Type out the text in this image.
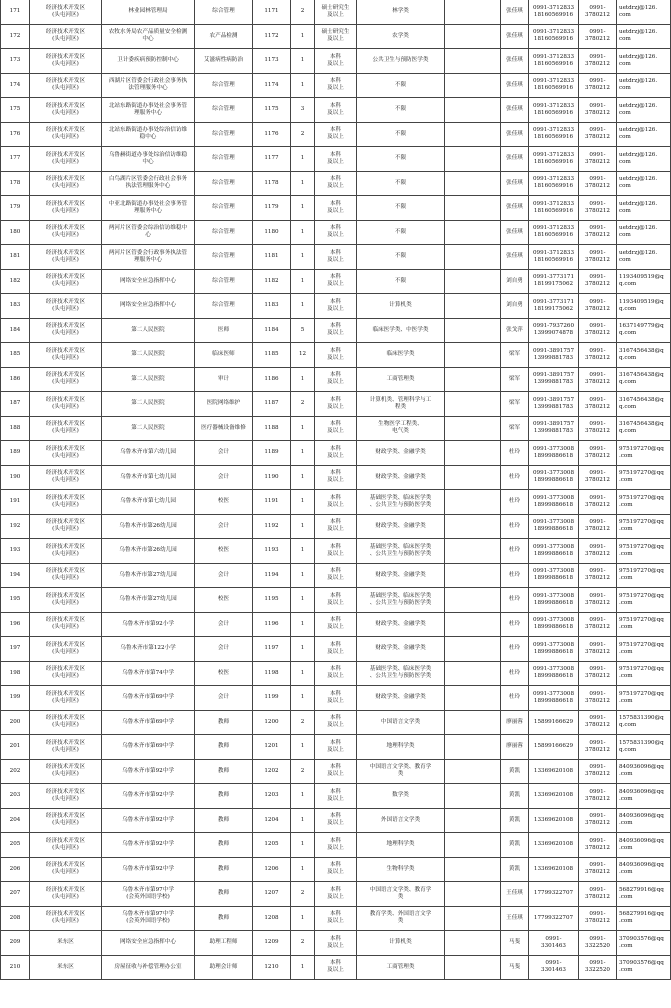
171	经济技术开发区
(头屯河区)	林业园林管理局	综合管理	1171	2	硕士研究生
及以上	林学类		张佳琪	0991-3712833
18160569916	0991-
3780212	uetdrzj@126.
com
172	经济技术开发区
(头屯河区)	农牧水务局农产品质量安全检测
中心	农产品检测	1172	1	硕士研究生
及以上	农学类		张佳琪	0991-3712833
18160569916	0991-
3780212	uetdrzj@126.
com
173	经济技术开发区
(头屯河区)	卫计委疾病预防控制中心	艾滋病性病防治	1173	1	本科
及以上	公共卫生与预防医学类		张佳琪	0991-3712833
18160569916	0991-
3780212	uetdrzj@126.
com
174	经济技术开发区
(头屯河区)	西湖片区管委会行政社会事务执
法管理服务中心	综合管理	1174	1	本科
及以上	不限		张佳琪	0991-3712833
18160569916	0991-
3780212	uetdrzj@126.
com
175	经济技术开发区
(头屯河区)	北站东路街道办事处社会事务管
理服务中心	综合管理	1175	3	本科
及以上	不限		张佳琪	0991-3712833
18160569916	0991-
3780212	uetdrzj@126.
com
176	经济技术开发区
(头屯河区)	北站东路街道办事处综治信访维
稳中心	综合管理	1176	2	本科
及以上	不限		张佳琪	0991-3712833
18160569916	0991-
3780212	uetdrzj@126.
com
177	经济技术开发区
(头屯河区)	乌鲁赫街道办事处综治信访维稳
中心	综合管理	1177	1	本科
及以上	不限		张佳琪	0991-3712833
18160569916	0991-
3780212	uetdrzj@126.
com
178	经济技术开发区
(头屯河区)	白鸟湖片区管委会行政社会事务
执法管理服务中心	综合管理	1178	1	本科
及以上	不限		张佳琪	0991-3712833
18160569916	0991-
3780212	uetdrzj@126.
com
179	经济技术开发区
(头屯河区)	中亚北路街道办事处社会事务管
理服务中心	综合管理	1179	1	本科
及以上	不限		张佳琪	0991-3712833
18160569916	0991-
3780212	uetdrzj@126.
com
180	经济技术开发区
(头屯河区)	两河片区管委会综治信访维稳中
心	综合管理	1180	1	本科
及以上	不限		张佳琪	0991-3712833
18160569916	0991-
3780212	uetdrzj@126.
com
181	经济技术开发区
(头屯河区)	两河片区管委会行政事务执法管
理服务中心	综合管理	1181	1	本科
及以上	不限		张佳琪	0991-3712833
18160569916	0991-
3780212	uetdrzj@126.
com
182	经济技术开发区
(头屯河区)	网络安全应急指挥中心	综合管理	1182	1	本科
及以上	不限		刘自勇	0991-3773171
18199175062	0991-
3780212	1193409519@q
q.com
183	经济技术开发区
(头屯河区)	网络安全应急指挥中心	综合管理	1183	1	本科
及以上	计算机类		刘自勇	0991-3773171
18199175062	0991-
3780212	1193409519@q
q.com
184	经济技术开发区
(头屯河区)	第二人民医院	医师	1184	5	本科
及以上	临床医学类、中医学类		张戈萍	0991-7937260
13999074878	0991-
3780212	1637149779@q
q.com
185	经济技术开发区
(头屯河区)	第二人民医院	临床医师	1185	12	本科
及以上	临床医学类		梁军	0991-3891757
13999881783	0991-
3780212	3167456438@q
q.com
186	经济技术开发区
(头屯河区)	第二人民医院	审计	1186	1	本科
及以上	工商管理类		梁军	0991-3891757
13999881783	0991-
3780212	3167456438@q
q.com
187	经济技术开发区
(头屯河区)	第二人民医院	医院网络维护	1187	2	本科
及以上	计算机类、管理科学与工
程类		梁军	0991-3891757
13999881783	0991-
3780212	3167456438@q
q.com
188	经济技术开发区
(头屯河区)	第二人民医院	医疗器械设备维修	1188	1	本科
及以上	生物医学工程类、
电气类		梁军	0991-3891757
13999881783	0991-
3780212	3167456438@q
q.com
189	经济技术开发区
(头屯河区)	乌鲁木齐市第六幼儿园	会计	1189	1	本科
及以上	财政学类、金融学类		杜玲	0991-3773008
18999886618	0991-
3780212	975197270@qq
.com
190	经济技术开发区
(头屯河区)	乌鲁木齐市第七幼儿园	会计	1190	1	本科
及以上	财政学类、金融学类		杜玲	0991-3773008
18999886618	0991-
3780212	975197270@qq
.com
191	经济技术开发区
(头屯河区)	乌鲁木齐市第七幼儿园	校医	1191	1	本科
及以上	基础医学类、临床医学类
、公共卫生与预防医学类		杜玲	0991-3773008
18999886618	0991-
3780212	975197270@qq
.com
192	经济技术开发区
(头屯河区)	乌鲁木齐市第26幼儿园	会计	1192	1	本科
及以上	财政学类、金融学类		杜玲	0991-3773008
18999886618	0991-
3780212	975197270@qq
.com
193	经济技术开发区
(头屯河区)	乌鲁木齐市第26幼儿园	校医	1193	1	本科
及以上	基础医学类、临床医学类
、公共卫生与预防医学类		杜玲	0991-3773008
18999886618	0991-
3780212	975197270@qq
.com
194	经济技术开发区
(头屯河区)	乌鲁木齐市第27幼儿园	会计	1194	1	本科
及以上	财政学类、金融学类		杜玲	0991-3773008
18999886618	0991-
3780212	975197270@qq
.com
195	经济技术开发区
(头屯河区)	乌鲁木齐市第27幼儿园	校医	1195	1	本科
及以上	基础医学类、临床医学类
、公共卫生与预防医学类		杜玲	0991-3773008
18999886618	0991-
3780212	975197270@qq
.com
196	经济技术开发区
(头屯河区)	乌鲁木齐市第92小学	会计	1196	1	本科
及以上	财政学类、金融学类		杜玲	0991-3773008
18999886618	0991-
3780212	975197270@qq
.com
197	经济技术开发区
(头屯河区)	乌鲁木齐市第122小学	会计	1197	1	本科
及以上	财政学类、金融学类		杜玲	0991-3773008
18999886618	0991-
3780212	975197270@qq
.com
198	经济技术开发区
(头屯河区)	乌鲁木齐市第74中学	校医	1198	1	本科
及以上	基础医学类、临床医学类
、公共卫生与预防医学类		杜玲	0991-3773008
18999886618	0991-
3780212	975197270@qq
.com
199	经济技术开发区
(头屯河区)	乌鲁木齐市第69中学	会计	1199	1	本科
及以上	财政学类、金融学类		杜玲	0991-3773008
18999886618	0991-
3780212	975197270@qq
.com
200	经济技术开发区
(头屯河区)	乌鲁木齐市第69中学	教师	1200	2	本科
及以上	中国语言文学类		廖丽蓉	15899166629	0991-
3780212	1575831390@q
q.com
201	经济技术开发区
(头屯河区)	乌鲁木齐市第69中学	教师	1201	1	本科
及以上	地理科学类		廖丽蓉	15899166629	0991-
3780212	1575831390@q
q.com
202	经济技术开发区
(头屯河区)	乌鲁木齐市第92中学	教师	1202	2	本科
及以上	中国语言文学类、教育学
类		黄凯	13369620108	0991-
3780212	840936096@qq
.com
203	经济技术开发区
(头屯河区)	乌鲁木齐市第92中学	教师	1203	1	本科
及以上	数学类		黄凯	13369620108	0991-
3780212	840936096@qq
.com
204	经济技术开发区
(头屯河区)	乌鲁木齐市第92中学	教师	1204	1	本科
及以上	外国语言文学类		黄凯	13369620108	0991-
3780212	840936096@qq
.com
205	经济技术开发区
(头屯河区)	乌鲁木齐市第92中学	教师	1205	1	本科
及以上	地理科学类		黄凯	13369620108	0991-
3780212	840936096@qq
.com
206	经济技术开发区
(头屯河区)	乌鲁木齐市第92中学	教师	1206	1	本科
及以上	生物科学类		黄凯	13369620108	0991-
3780212	840936096@qq
.com
207	经济技术开发区
(头屯河区)	乌鲁木齐市第97中学
(会英外国语学校)	教师	1207	2	本科
及以上	中国语言文学类、教育学
类		王佳琪	17799322707	0991-
3780212	568279916@qq
.com
208	经济技术开发区
(头屯河区)	乌鲁木齐市第97中学
(会英外国语学校)	教师	1208	1	本科
及以上	教育学类、外国语言文学
类		王佳琪	17799322707	0991-
3780212	568279916@qq
.com
209	米东区	网络安全应急指挥中心	助理工程师	1209	2	本科
及以上	计算机类		马斐	0991-
3301463	0991-
3322520	370903576@qq
.com
210	米东区	房屋征收与补偿管理办公室	助理会计师	1210	1	本科
及以上	工商管理类		马斐	0991-
3301463	0991-
3322520	370903576@qq
.com
